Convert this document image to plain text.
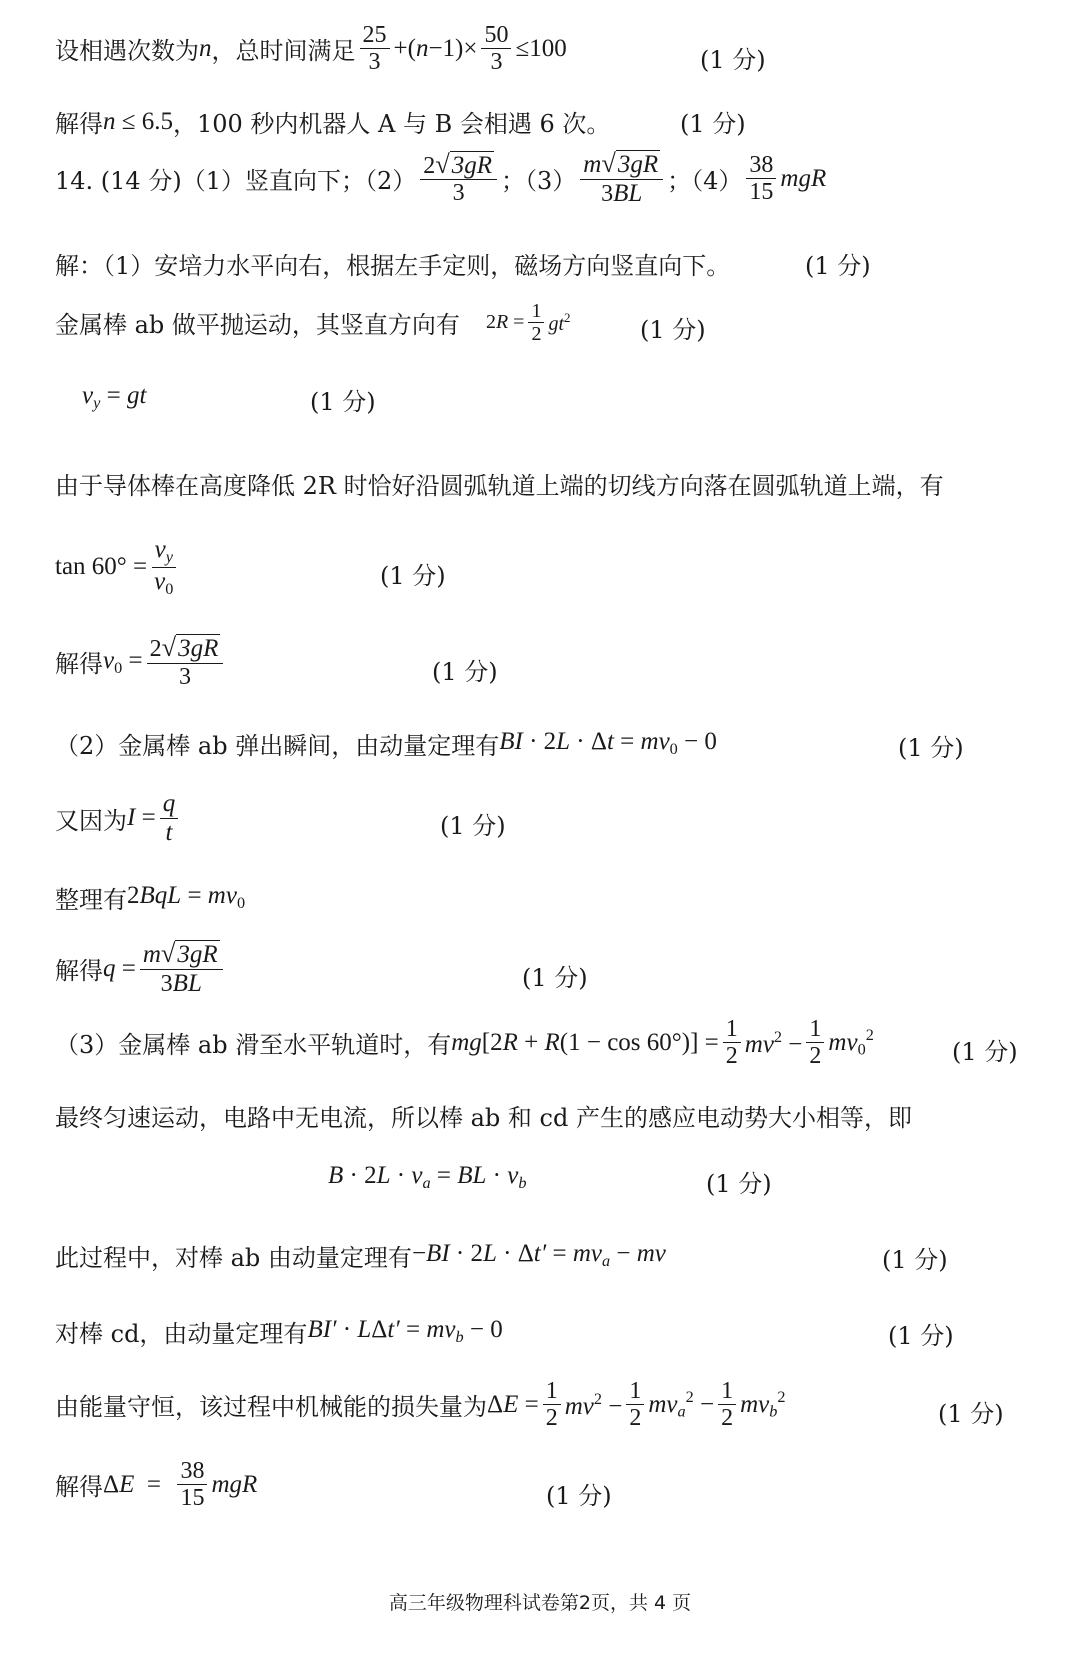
设相遇次数为 n ，总时间满足 $\frac{25}{3} +(n-1)\times \frac{50}{3} \le 100$	(1 分)
解得 n ≤ 6.5 ，100 秒内机器人 A 与 B 会相遇 6 次。	(1 分)
14. (14 分)（1）竖直向下；$(2) \frac{2 √ 3gR}{3}$ ；$(3) \frac{m √ 3gR}{3BL}$ ；$(4) \frac{38}{15}$ mgR
解：（1）安培力水平向右，根据左手定则，磁场方向竖直向下。	(1 分)
金属棒 ab 做平抛运动，其竖直方向有 $2R = \frac{1}{2} gt^2$	(1 分)
$v_y$ = gt	(1 分)
由于导体棒在高度降低 2R 时恰好沿圆弧轨道上端的切线方向落在圆弧轨道上端，有
$\tan 60^\circ = \frac{v_y}{v_0}$	(1 分)
解得 $v_0 = \frac{2 √ 3gR}{3}$	(1 分)
（2）金属棒 ab 弹出瞬间，由动量定理有 BI · $2L \cdot \Delta t = mv_0 - 0$	(1 分)
又因为 $I = \frac{q}{t}$	(1 分)
整理有 $2BqL = mv_0$
解得 $q = \frac{m √ 3gR}{3BL}$	(1 分)
（3）金属棒 ab 滑至水平轨道时，有 $mg[2R + R(1 - \cos 60^\circ)] = \frac{1}{2} mv^2 - \frac{1}{2} mv_0^2$
(1 分)
最终匀速运动，电路中无电流，所以棒 ab 和 cd 产生的感应电动势大小相等，即
$B \cdot 2L \cdot v_a$ = BL · $v_b$	(1 分)
此过程中，对棒 ab 由动量定理有 $-BI \cdot 2L \cdot \Delta t' = mv_a$ − mv	(1 分)
对棒 cd，由动量定理有 $BI' \cdot L\Delta t' = mv_b - 0$	(1 分)
由能量守恒，该过程中机械能的损失量为 $\Delta E = \frac{1}{2} mv^2 - \frac{1}{2} mv_a^2 - \frac{1}{2} mv_b^2$
(1 分)
解得 $\Delta E = \frac{38}{15}$ mgR	(1 分)
高三年级物理科试卷第2页，共 4 页
